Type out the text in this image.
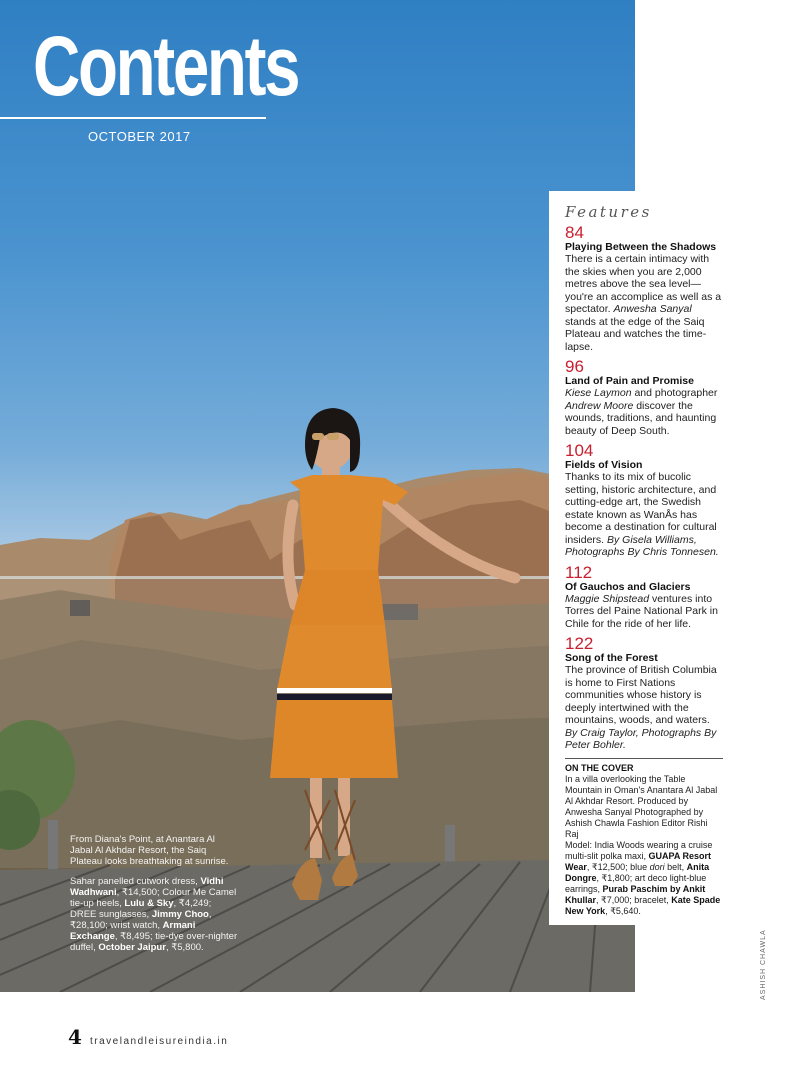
Contents
OCTOBER 2017

From Diana's Point, at Anantara Al Jabal Al Akhdar Resort, the Saiq Plateau looks breathtaking at sunrise.

Sahar panelled cutwork dress, Vidhi Wadhwani, ₹14,500; Colour Me Camel tie-up heels, Lulu & Sky, ₹4,249; DREE sunglasses, Jimmy Choo, ₹28,100; wrist watch, Armani Exchange, ₹8,495; tie-dye over-nighter duffel, October Jaipur, ₹5,800.

Features
84
Playing Between the Shadows
There is a certain intimacy with the skies when you are 2,000 metres above the sea level—you're an accomplice as well as a spectator. Anwesha Sanyal stands at the edge of the Saiq Plateau and watches the time-lapse.
96
Land of Pain and Promise
Kiese Laymon and photographer Andrew Moore discover the wounds, traditions, and haunting beauty of Deep South.
104
Fields of Vision
Thanks to its mix of bucolic setting, historic architecture, and cutting-edge art, the Swedish estate known as WanÅs has become a destination for cultural insiders. By Gisela Williams, Photographs By Chris Tonnesen.
112
Of Gauchos and Glaciers
Maggie Shipstead ventures into Torres del Paine National Park in Chile for the ride of her life.
122
Song of the Forest
The province of British Columbia is home to First Nations communities whose history is deeply intertwined with the mountains, woods, and waters. By Craig Taylor, Photographs By Peter Bohler.
ON THE COVER
In a villa overlooking the Table Mountain in Oman's Anantara Al Jabal Al Akhdar Resort. Produced by Anwesha Sanyal Photographed by Ashish Chawla Fashion Editor Rishi Raj
Model: India Woods wearing a cruise multi-slit polka maxi, GUAPA Resort Wear, ₹12,500; blue dori belt, Anita Dongre, ₹1,800; art deco light-blue earrings, Purab Paschim by Ankit Khullar, ₹7,000; bracelet, Kate Spade New York, ₹5,640.
ASHISH CHAWLA
4 travelandleisureindia.in
